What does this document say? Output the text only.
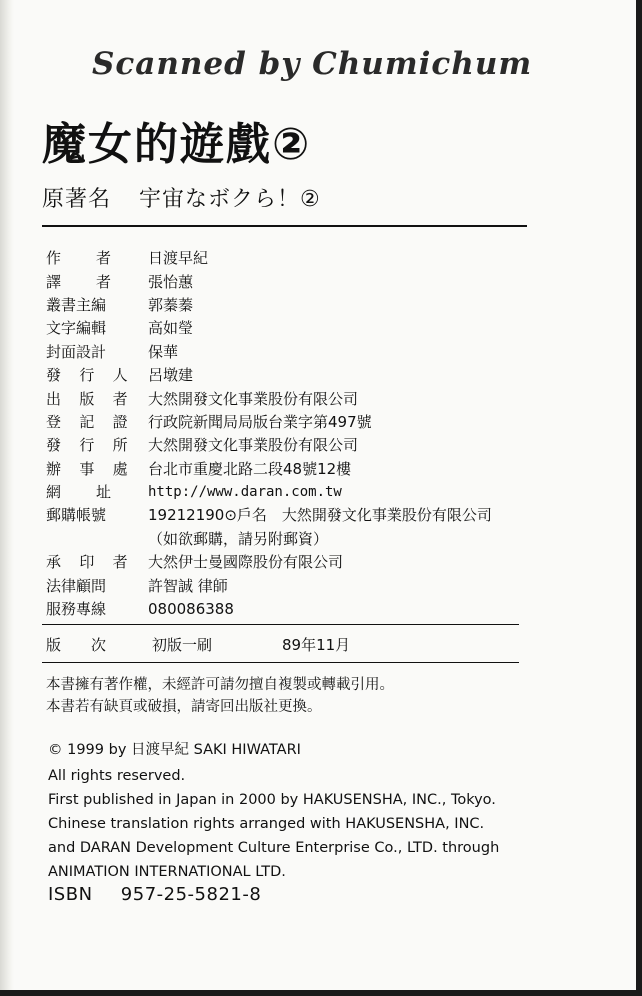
Scanned by Chumichum
魔女的遊戲②
原著名 宇宙なボクら！②
作 者 日渡早紀
譯 者 張怡蕙
叢書主編	郭蓁蓁
文字編輯	高如瑩
封面設計	保華
發 行 人 呂墩建
出 版 者 大然開發文化事業股份有限公司
登 記 證 行政院新聞局局版台業字第497號
發 行 所 大然開發文化事業股份有限公司
辦 事 處 台北市重慶北路二段48號12樓
網 址	http://www.daran.com.tw
郵購帳號	19212190⊙戶名　大然開發文化事業股份有限公司
（如欲郵購，請另附郵資）
承 印 者 大然伊士曼國際股份有限公司
法律顧問	許智誠 律師
服務專線	080086388
版 次	初版一刷	89年11月
本書擁有著作權，未經許可請勿擅自複製或轉載引用。
本書若有缺頁或破損，請寄回出版社更換。
© 1999 by 日渡早紀 SAKI HIWATARI
All rights reserved.
First published in Japan in 2000 by HAKUSENSHA, INC., Tokyo.
Chinese translation rights arranged with HAKUSENSHA, INC.
and DARAN Development Culture Enterprise Co., LTD. through
ANIMATION INTERNATIONAL LTD.
ISBN 957-25-5821-8
